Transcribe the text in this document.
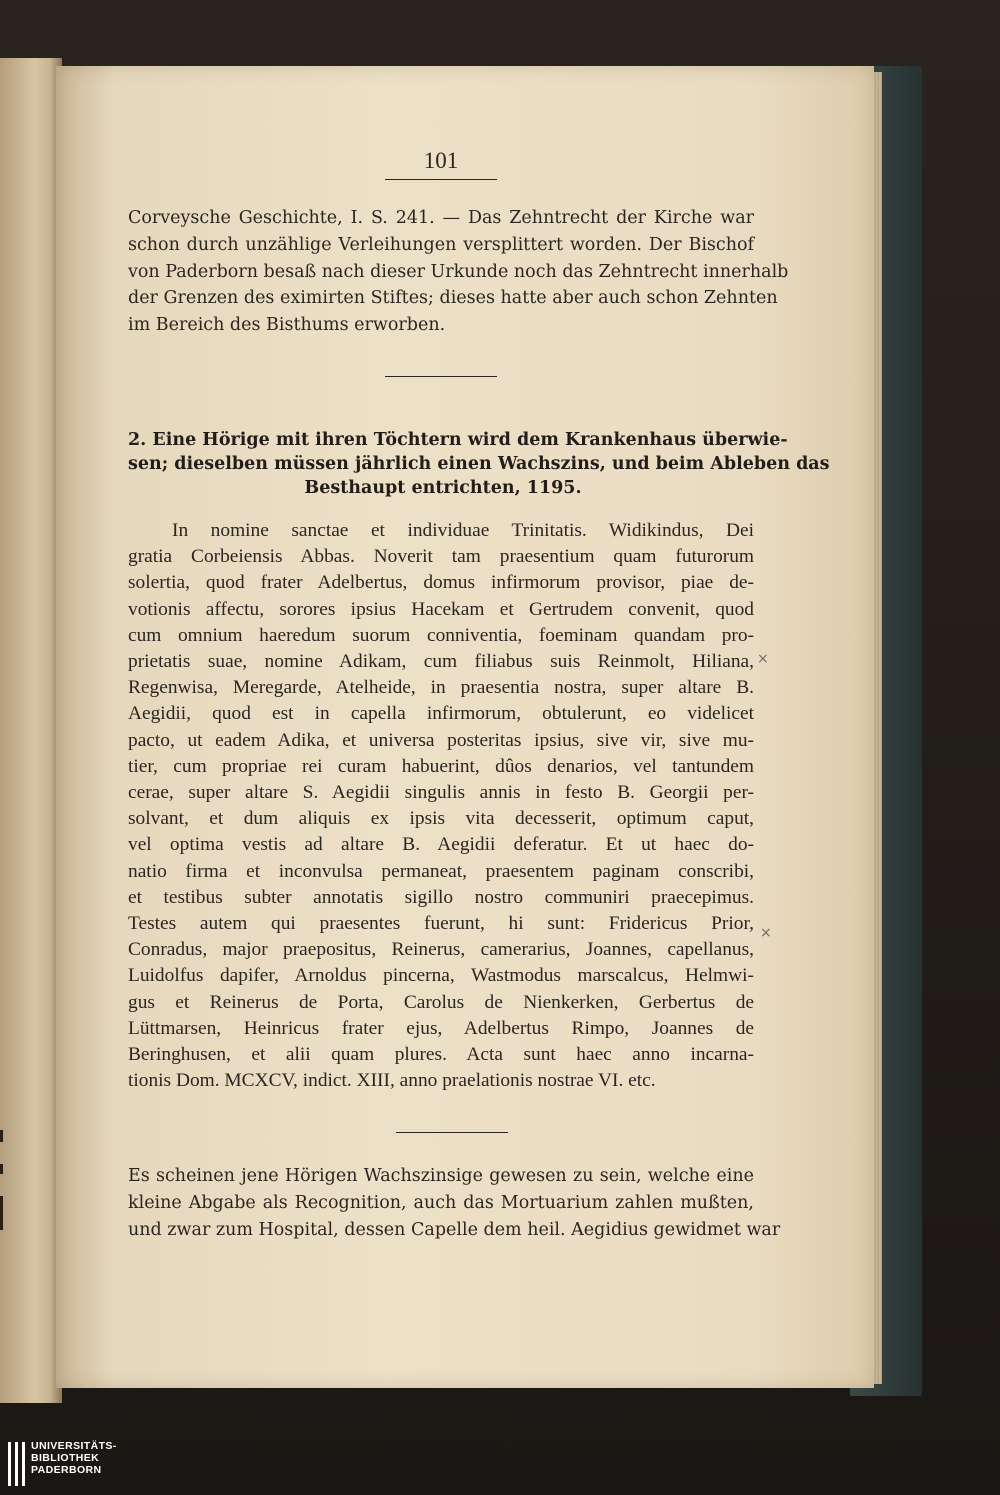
101
Corveysche Geschichte, I. S. 241. — Das Zehntrecht der Kirche war
schon durch unzählige Verleihungen versplittert worden. Der Bischof
von Paderborn besaß nach dieser Urkunde noch das Zehntrecht innerhalb
der Grenzen des eximirten Stiftes; dieses hatte aber auch schon Zehnten
im Bereich des Bisthums erworben.
2. Eine Hörige mit ihren Töchtern wird dem Krankenhaus überwie-
sen; dieselben müssen jährlich einen Wachszins, und beim Ableben das
Besthaupt entrichten, 1195.
In nomine sanctae et individuae Trinitatis. Widikindus, Dei
gratia Corbeiensis Abbas. Noverit tam praesentium quam futurorum
solertia, quod frater Adelbertus, domus infirmorum provisor, piae de-
votionis affectu, sorores ipsius Hacekam et Gertrudem convenit, quod
cum omnium haeredum suorum conniventia, foeminam quandam pro-
prietatis suae, nomine Adikam, cum filiabus suis Reinmolt, Hiliana,
Regenwisa, Meregarde, Atelheide, in praesentia nostra, super altare B.
Aegidii, quod est in capella infirmorum, obtulerunt, eo videlicet
pacto, ut eadem Adika, et universa posteritas ipsius, sive vir, sive mu-
tier, cum propriae rei curam habuerint, dûos denarios, vel tantundem
cerae, super altare S. Aegidii singulis annis in festo B. Georgii per-
solvant, et dum aliquis ex ipsis vita decesserit, optimum caput,
vel optima vestis ad altare B. Aegidii deferatur. Et ut haec do-
natio firma et inconvulsa permaneat, praesentem paginam conscribi,
et testibus subter annotatis sigillo nostro communiri praecepimus.
Testes autem qui praesentes fuerunt, hi sunt: Fridericus Prior,
Conradus, major praepositus, Reinerus, camerarius, Joannes, capellanus,
Luidolfus dapifer, Arnoldus pincerna, Wastmodus marscalcus, Helmwi-
gus et Reinerus de Porta, Carolus de Nienkerken, Gerbertus de
Lüttmarsen, Heinricus frater ejus, Adelbertus Rimpo, Joannes de
Beringhusen, et alii quam plures. Acta sunt haec anno incarna-
tionis Dom. MCXCV, indict. XIII, anno praelationis nostrae VI. etc.
×
×
Es scheinen jene Hörigen Wachszinsige gewesen zu sein, welche eine
kleine Abgabe als Recognition, auch das Mortuarium zahlen mußten,
und zwar zum Hospital, dessen Capelle dem heil. Aegidius gewidmet war
UNIVERSITÄTS-
BIBLIOTHEK
PADERBORN
